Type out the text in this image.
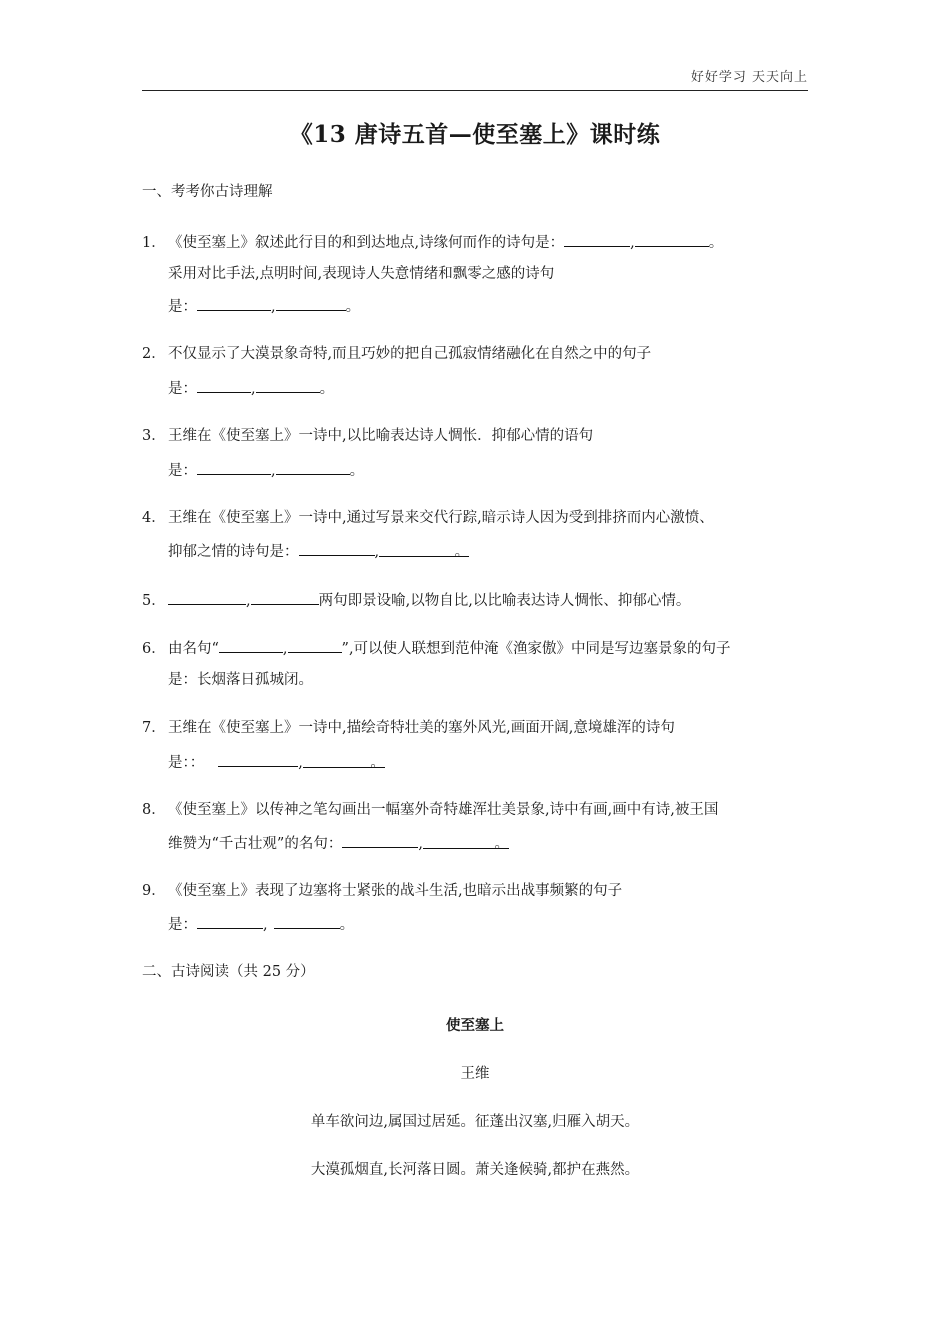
好好学习 天天向上
《13 唐诗五首—使至塞上》课时练
一、考考你古诗理解
1． 《使至塞上》叙述此行目的和到达地点,诗缘何而作的诗句是：	,	。
采用对比手法,点明时间,表现诗人失意情绪和飘零之感的诗句
是：	,	。
2． 不仅显示了大漠景象奇特,而且巧妙的把自己孤寂情绪融化在自然之中的句子
是：	,	。
3． 王维在《使至塞上》一诗中,以比喻表达诗人惆怅．抑郁心情的语句
是：	,	。
4． 王维在《使至塞上》一诗中,通过写景来交代行踪,暗示诗人因为受到排挤而内心激愤、
抑郁之情的诗句是：	,	。
5．	,	两句即景设喻,以物自比,以比喻表达诗人惆怅、抑郁心情。
6． 由名句“	,	”,可以使人联想到范仲淹《渔家傲》中同是写边塞景象的句子
是：长烟落日孤城闭。
7． 王维在《使至塞上》一诗中,描绘奇特壮美的塞外风光,画面开阔,意境雄浑的诗句
是：：	,	。
8． 《使至塞上》以传神之笔勾画出一幅塞外奇特雄浑壮美景象,诗中有画,画中有诗,被王国
维赞为“千古壮观”的名句：	,	。
9． 《使至塞上》表现了边塞将士紧张的战斗生活,也暗示出战事频繁的句子
是：	,	。
二、古诗阅读（共 25 分）
使至塞上
王维
单车欲问边,属国过居延。征蓬出汉塞,归雁入胡天。
大漠孤烟直,长河落日圆。萧关逢候骑,都护在燕然。
